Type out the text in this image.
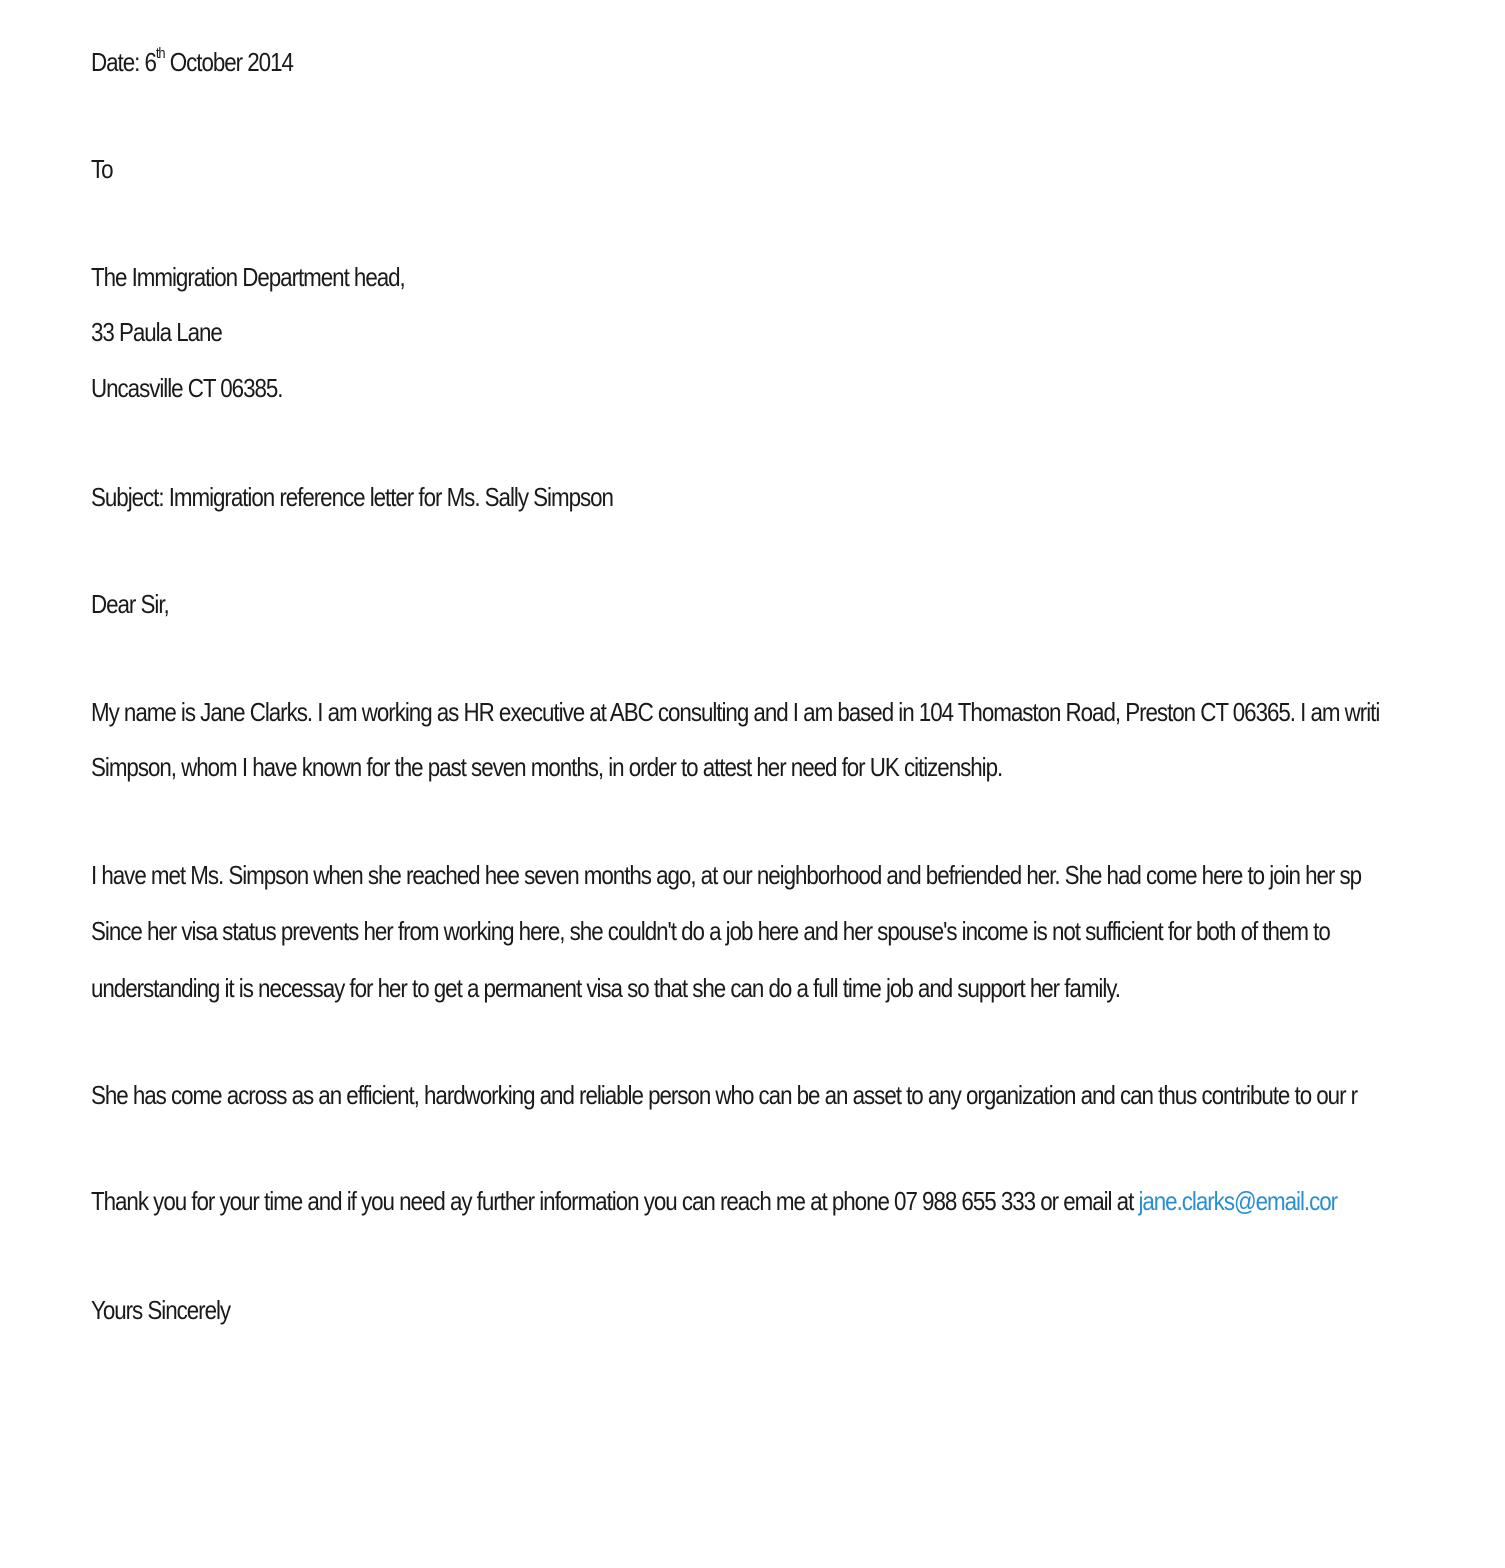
Date: 6th October 2014
To
The Immigration Department head,
33 Paula Lane
Uncasville CT 06385.
Subject: Immigration reference letter for Ms. Sally Simpson
Dear Sir,
My name is Jane Clarks. I am working as HR executive at ABC consulting and I am based in 104 Thomaston Road, Preston CT 06365. I am writi
Simpson, whom I have known for the past seven months, in order to attest her need for UK citizenship.
I have met Ms. Simpson when she reached hee seven months ago, at our neighborhood and befriended her. She had come here to join her sp
Since her visa status prevents her from working here, she couldn't do a job here and her spouse's income is not sufficient for both of them to
understanding it is necessay for her to get a permanent visa so that she can do a full time job and support her family.
She has come across as an efficient, hardworking and reliable person who can be an asset to any organization and can thus contribute to our r
Thank you for your time and if you need ay further information you can reach me at phone 07 988 655 333 or email at jane.clarks@email.cor
Yours Sincerely
